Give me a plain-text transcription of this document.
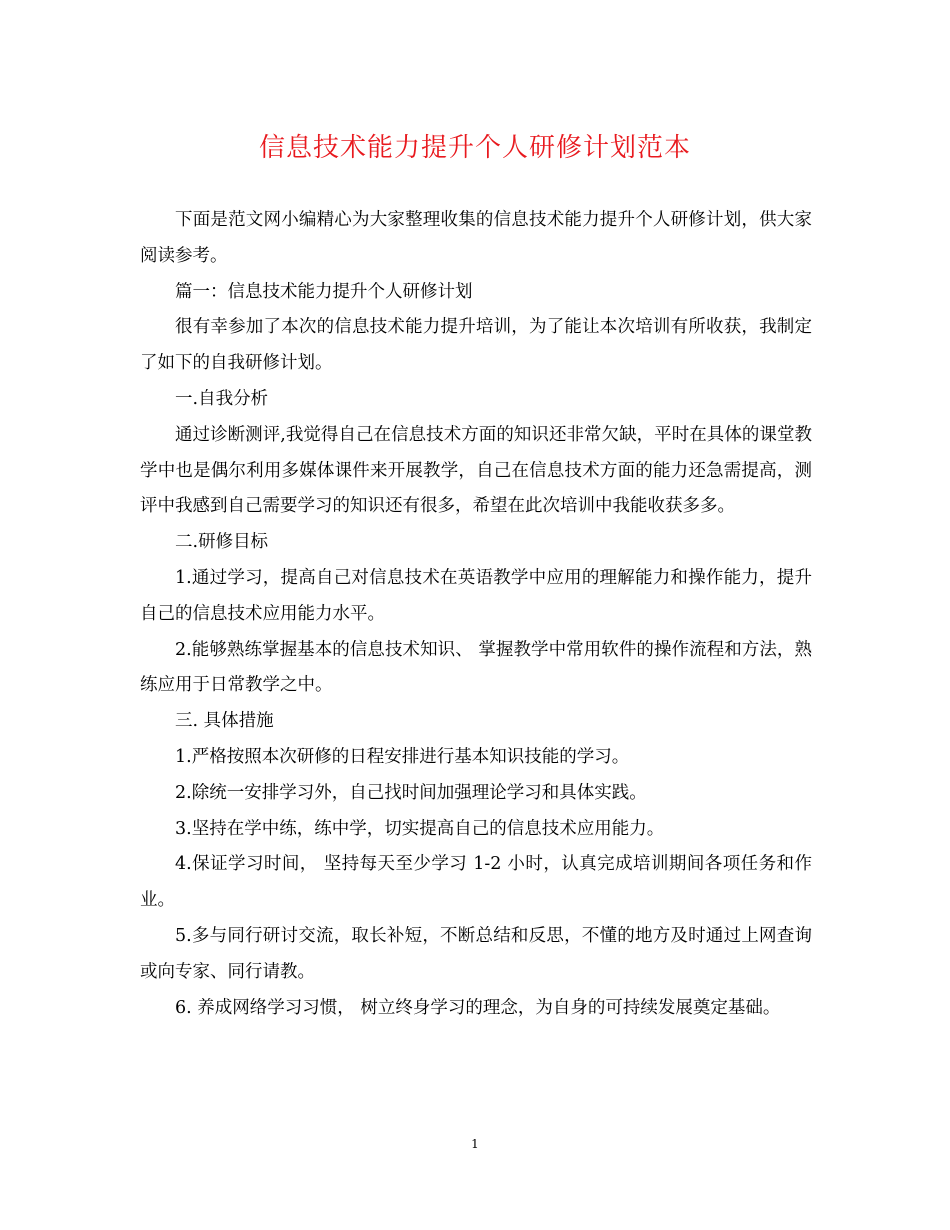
信息技术能力提升个人研修计划范本

下面是范文网小编精心为大家整理收集的信息技术能力提升个人研修计划，供大家阅读参考。

篇一：信息技术能力提升个人研修计划

很有幸参加了本次的信息技术能力提升培训，为了能让本次培训有所收获，我制定了如下的自我研修计划。

一.自我分析

通过诊断测评,我觉得自己在信息技术方面的知识还非常欠缺，平时在具体的课堂教学中也是偶尔利用多媒体课件来开展教学，自己在信息技术方面的能力还急需提高，测评中我感到自己需要学习的知识还有很多，希望在此次培训中我能收获多多。

二.研修目标

1.通过学习，提高自己对信息技术在英语教学中应用的理解能力和操作能力，提升自己的信息技术应用能力水平。

2.能够熟练掌握基本的信息技术知识、 掌握教学中常用软件的操作流程和方法，熟练应用于日常教学之中。

三. 具体措施

1.严格按照本次研修的日程安排进行基本知识技能的学习。

2.除统一安排学习外，自己找时间加强理论学习和具体实践。

3.坚持在学中练，练中学，切实提高自己的信息技术应用能力。

4.保证学习时间， 坚持每天至少学习 1-2 小时，认真完成培训期间各项任务和作业。

5.多与同行研讨交流，取长补短，不断总结和反思，不懂的地方及时通过上网查询或向专家、同行请教。

6. 养成网络学习习惯， 树立终身学习的理念，为自身的可持续发展奠定基础。

1
